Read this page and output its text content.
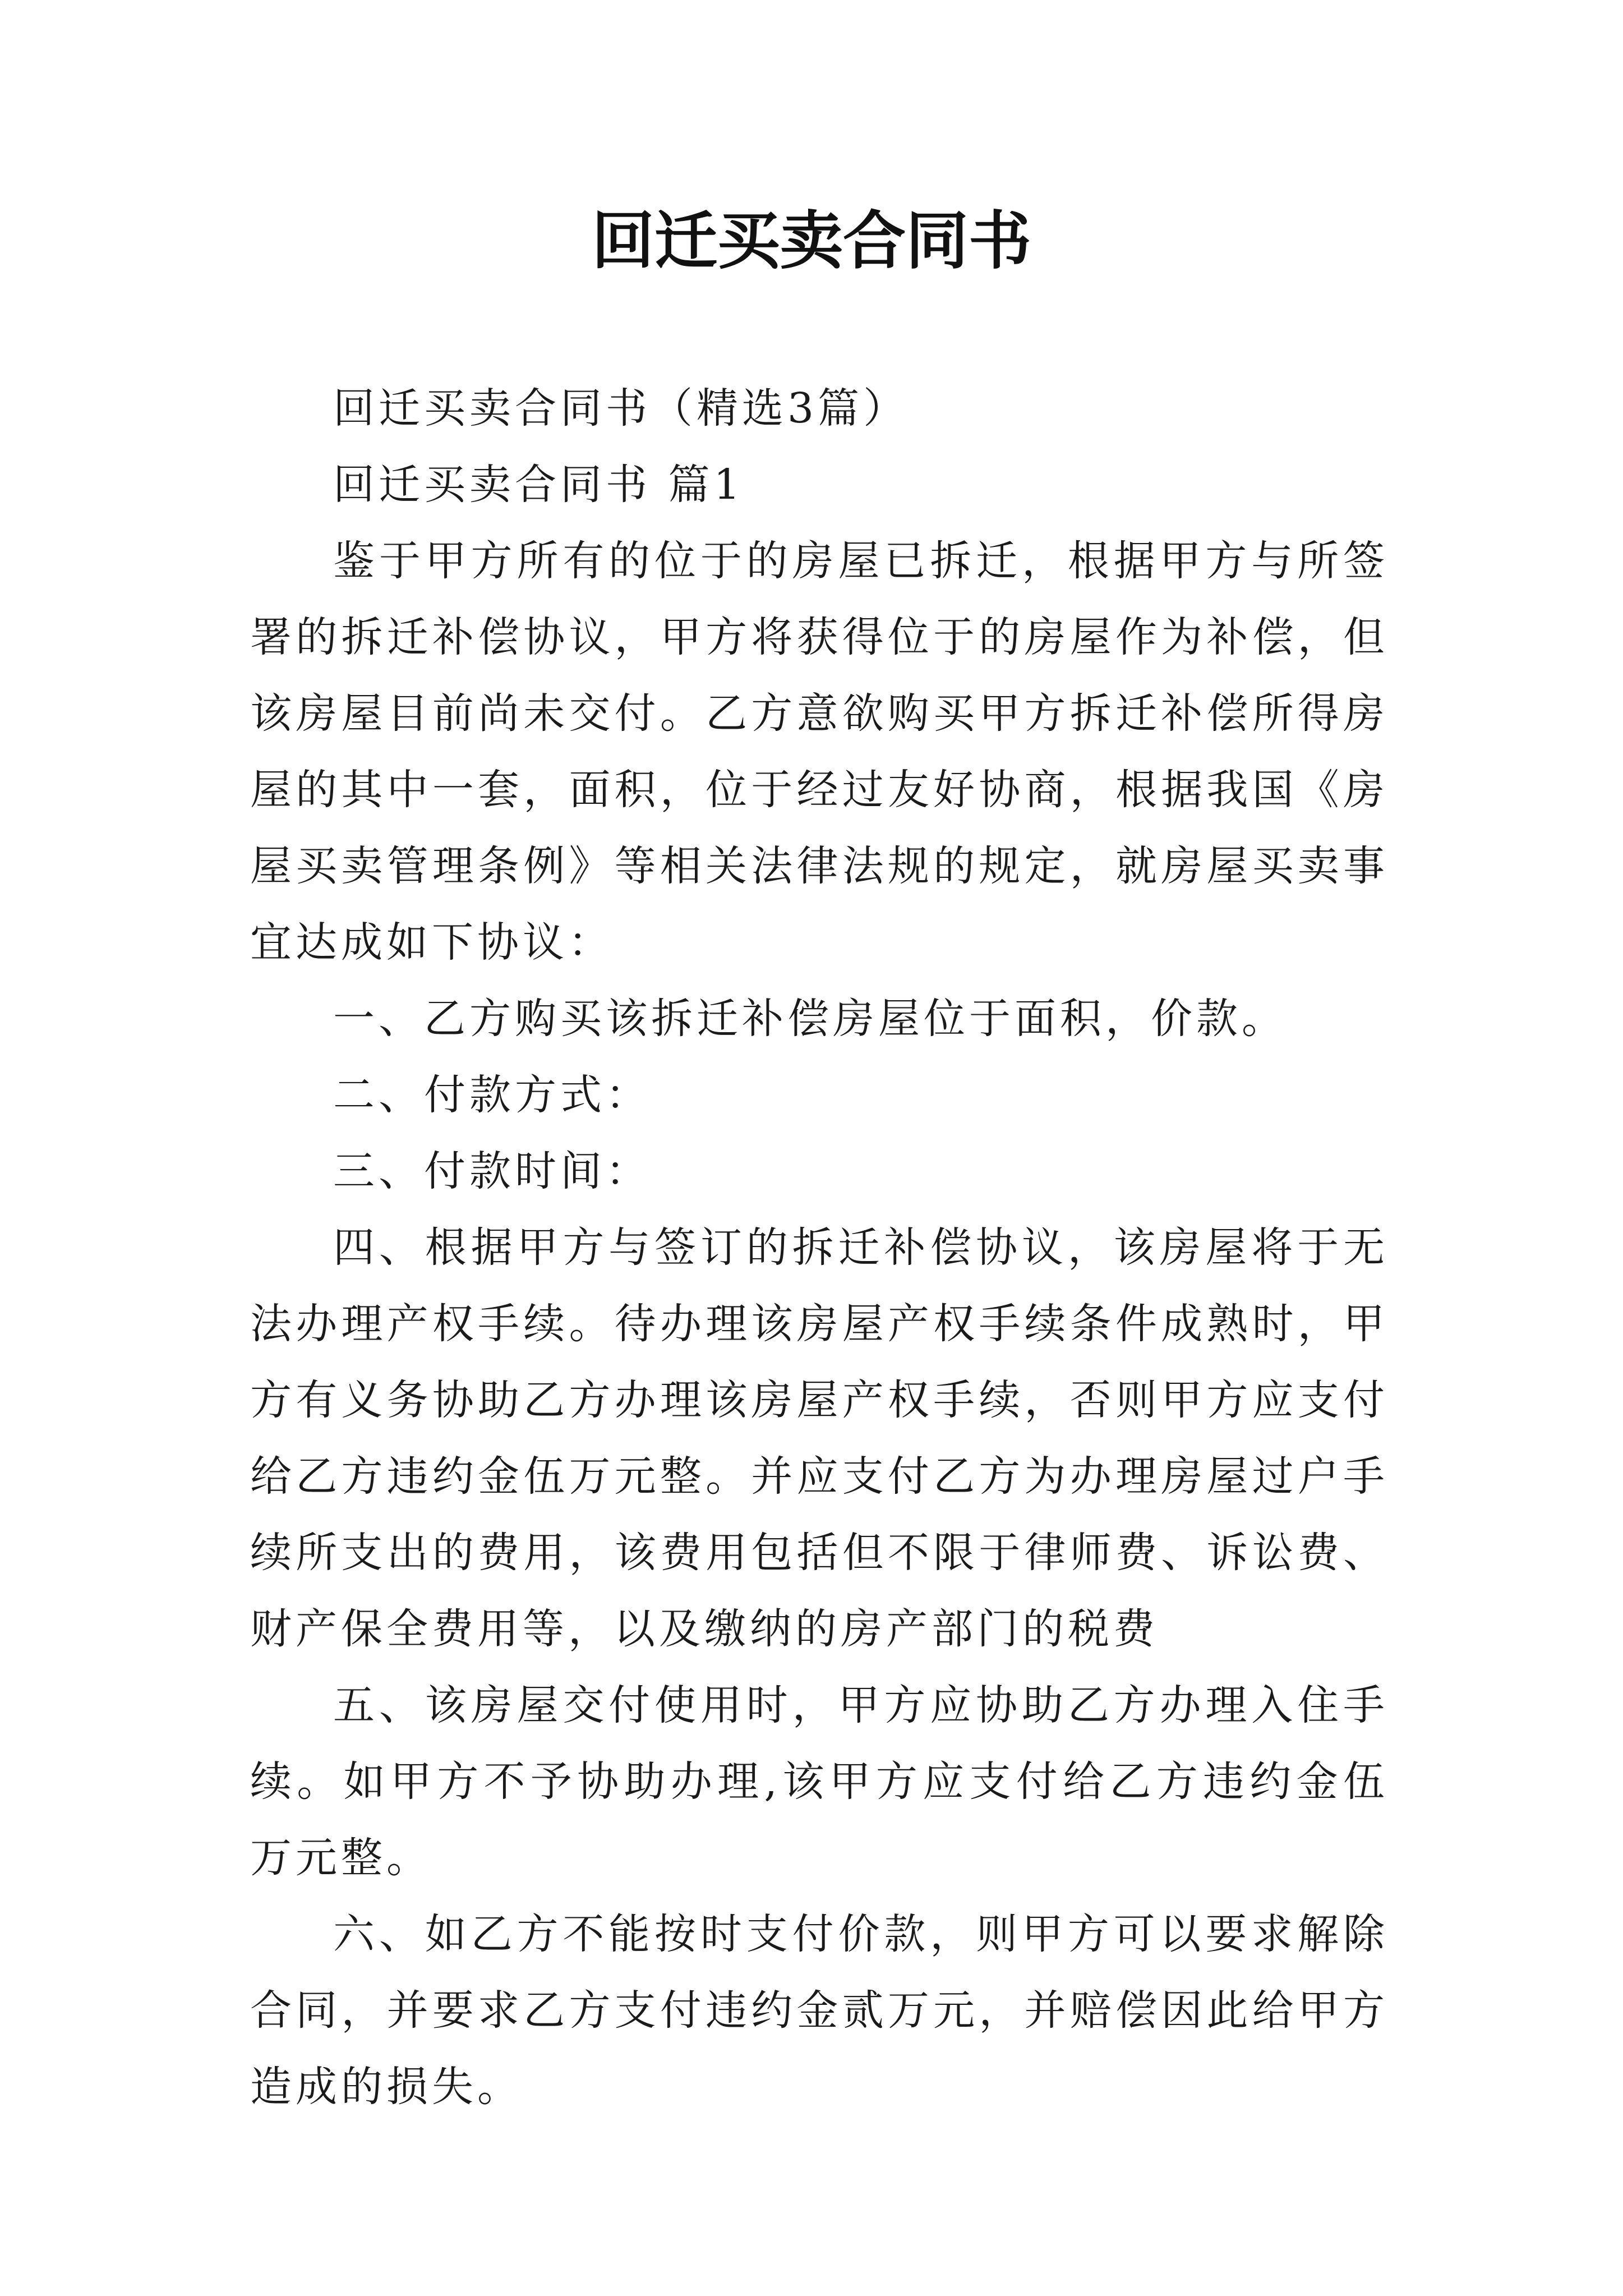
回迁买卖合同书

回迁买卖合同书（精选3篇）

回迁买卖合同书 篇1

鉴于甲方所有的位于的房屋已拆迁，根据甲方与所签署的拆迁补偿协议，甲方将获得位于的房屋作为补偿，但该房屋目前尚未交付。乙方意欲购买甲方拆迁补偿所得房屋的其中一套，面积，位于经过友好协商，根据我国《房屋买卖管理条例》等相关法律法规的规定，就房屋买卖事宜达成如下协议：

一、乙方购买该拆迁补偿房屋位于面积，价款。

二、付款方式：

三、付款时间：

四、根据甲方与签订的拆迁补偿协议，该房屋将于无法办理产权手续。待办理该房屋产权手续条件成熟时，甲方有义务协助乙方办理该房屋产权手续，否则甲方应支付给乙方违约金伍万元整。并应支付乙方为办理房屋过户手续所支出的费用，该费用包括但不限于律师费、诉讼费、财产保全费用等，以及缴纳的房产部门的税费

五、该房屋交付使用时，甲方应协助乙方办理入住手续。如甲方不予协助办理,该甲方应支付给乙方违约金伍万元整。

六、如乙方不能按时支付价款，则甲方可以要求解除合同，并要求乙方支付违约金贰万元，并赔偿因此给甲方造成的损失。
